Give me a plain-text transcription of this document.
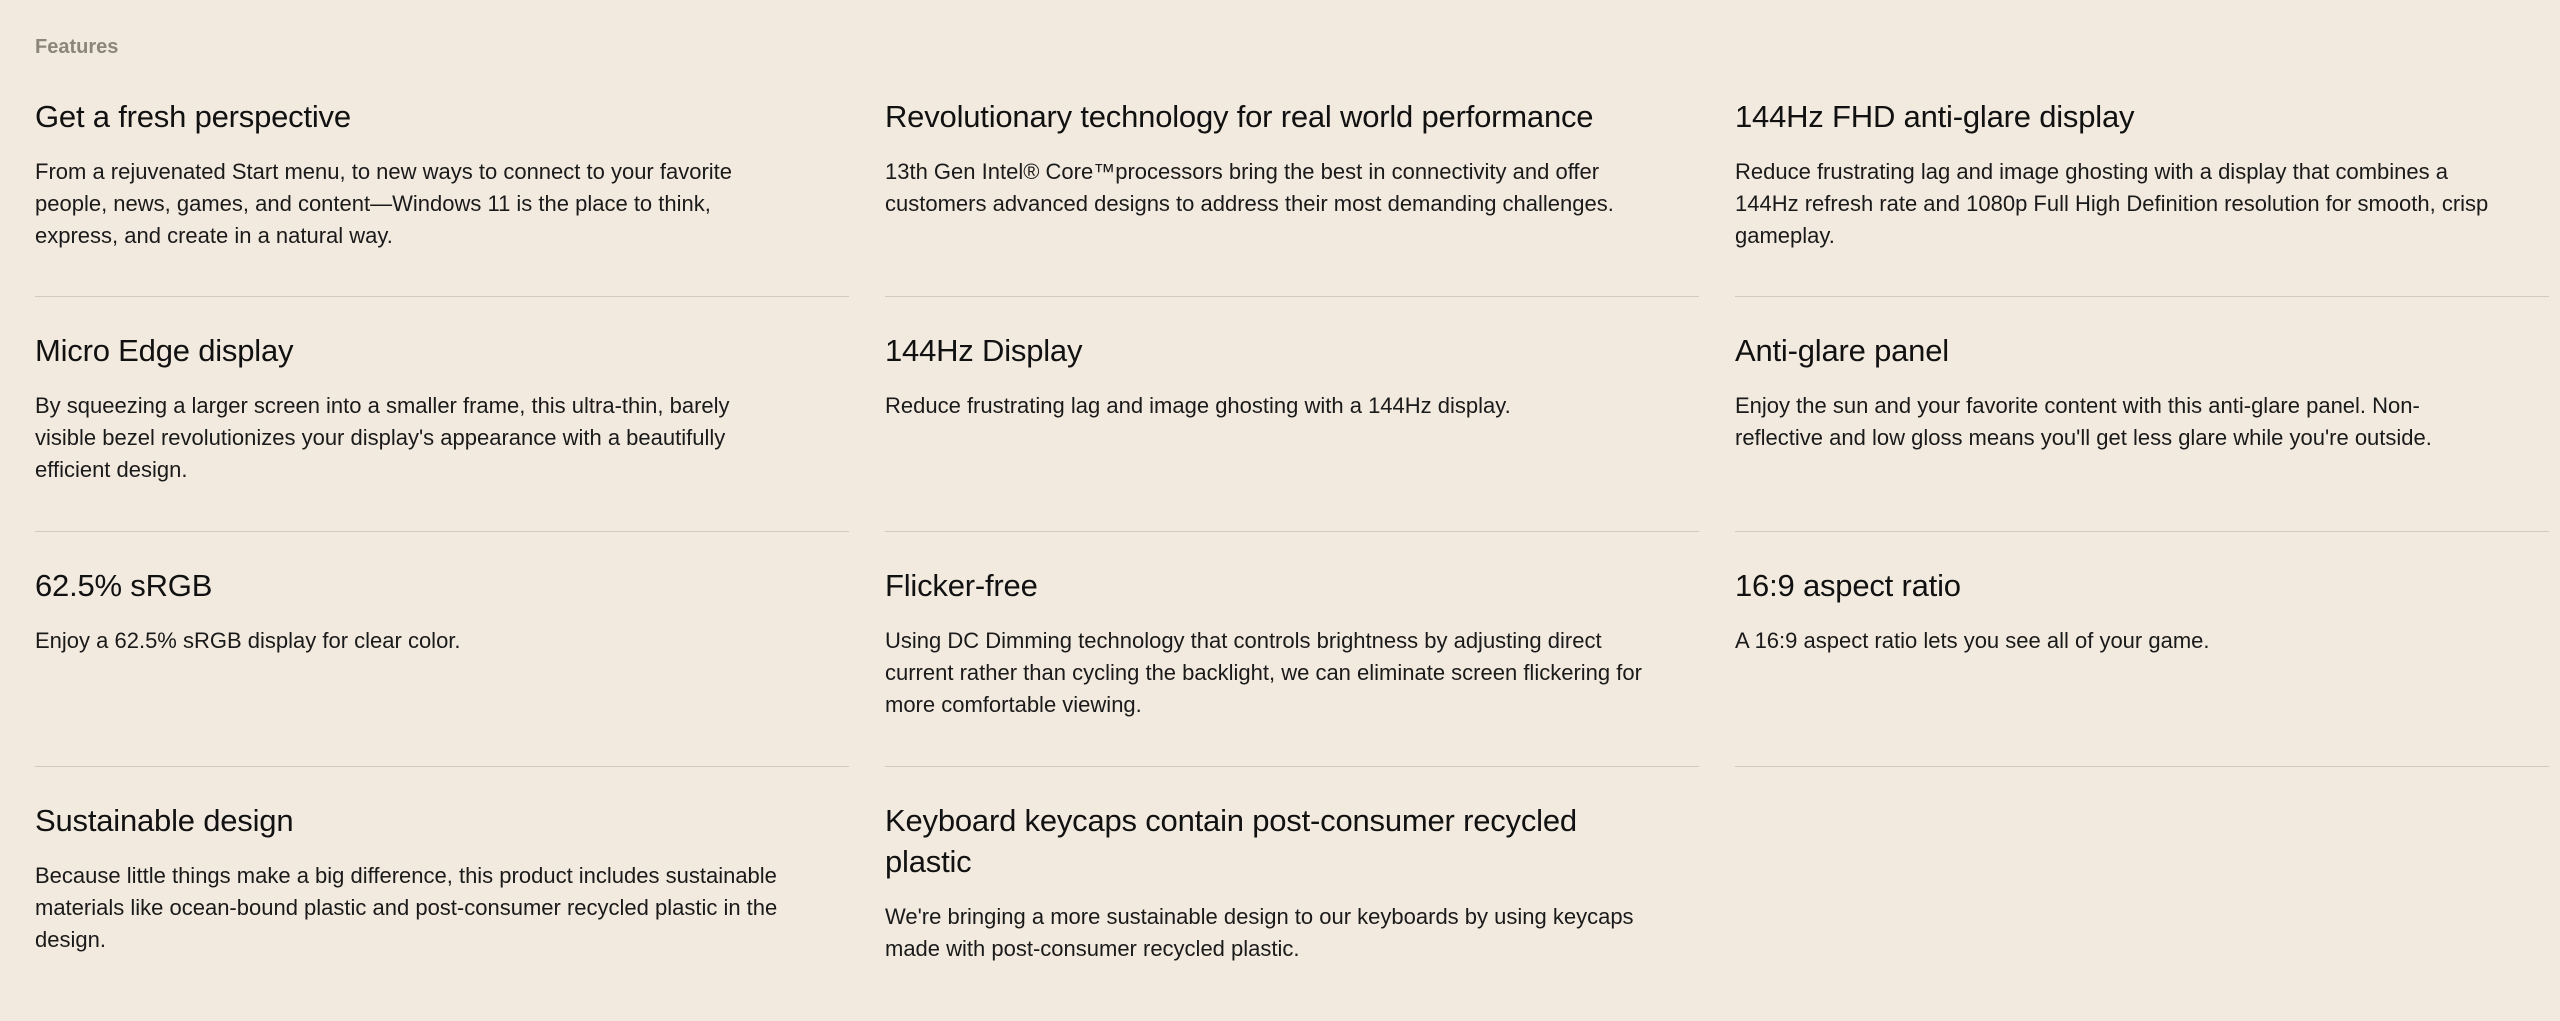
Features
Get a fresh perspective

From a rejuvenated Start menu, to new ways to connect to your favorite people, news, games, and content—Windows 11 is the place to think, express, and create in a natural way.

Revolutionary technology for real world performance

13th Gen Intel® Core™processors bring the best in connectivity and offer customers advanced designs to address their most demanding challenges.

144Hz FHD anti-glare display

Reduce frustrating lag and image ghosting with a display that combines a 144Hz refresh rate and 1080p Full High Definition resolution for smooth, crisp gameplay.

Micro Edge display

By squeezing a larger screen into a smaller frame, this ultra-thin, barely visible bezel revolutionizes your display's appearance with a beautifully efficient design.

144Hz Display

Reduce frustrating lag and image ghosting with a 144Hz display.

Anti-glare panel

Enjoy the sun and your favorite content with this anti-glare panel. Non-reflective and low gloss means you'll get less glare while you're outside.

62.5% sRGB

Enjoy a 62.5% sRGB display for clear color.

Flicker-free

Using DC Dimming technology that controls brightness by adjusting direct current rather than cycling the backlight, we can eliminate screen flickering for more comfortable viewing.

16:9 aspect ratio

A 16:9 aspect ratio lets you see all of your game.

Sustainable design

Because little things make a big difference, this product includes sustainable materials like ocean-bound plastic and post-consumer recycled plastic in the design.

Keyboard keycaps contain post-consumer recycled plastic

We're bringing a more sustainable design to our keyboards by using keycaps made with post-consumer recycled plastic.
